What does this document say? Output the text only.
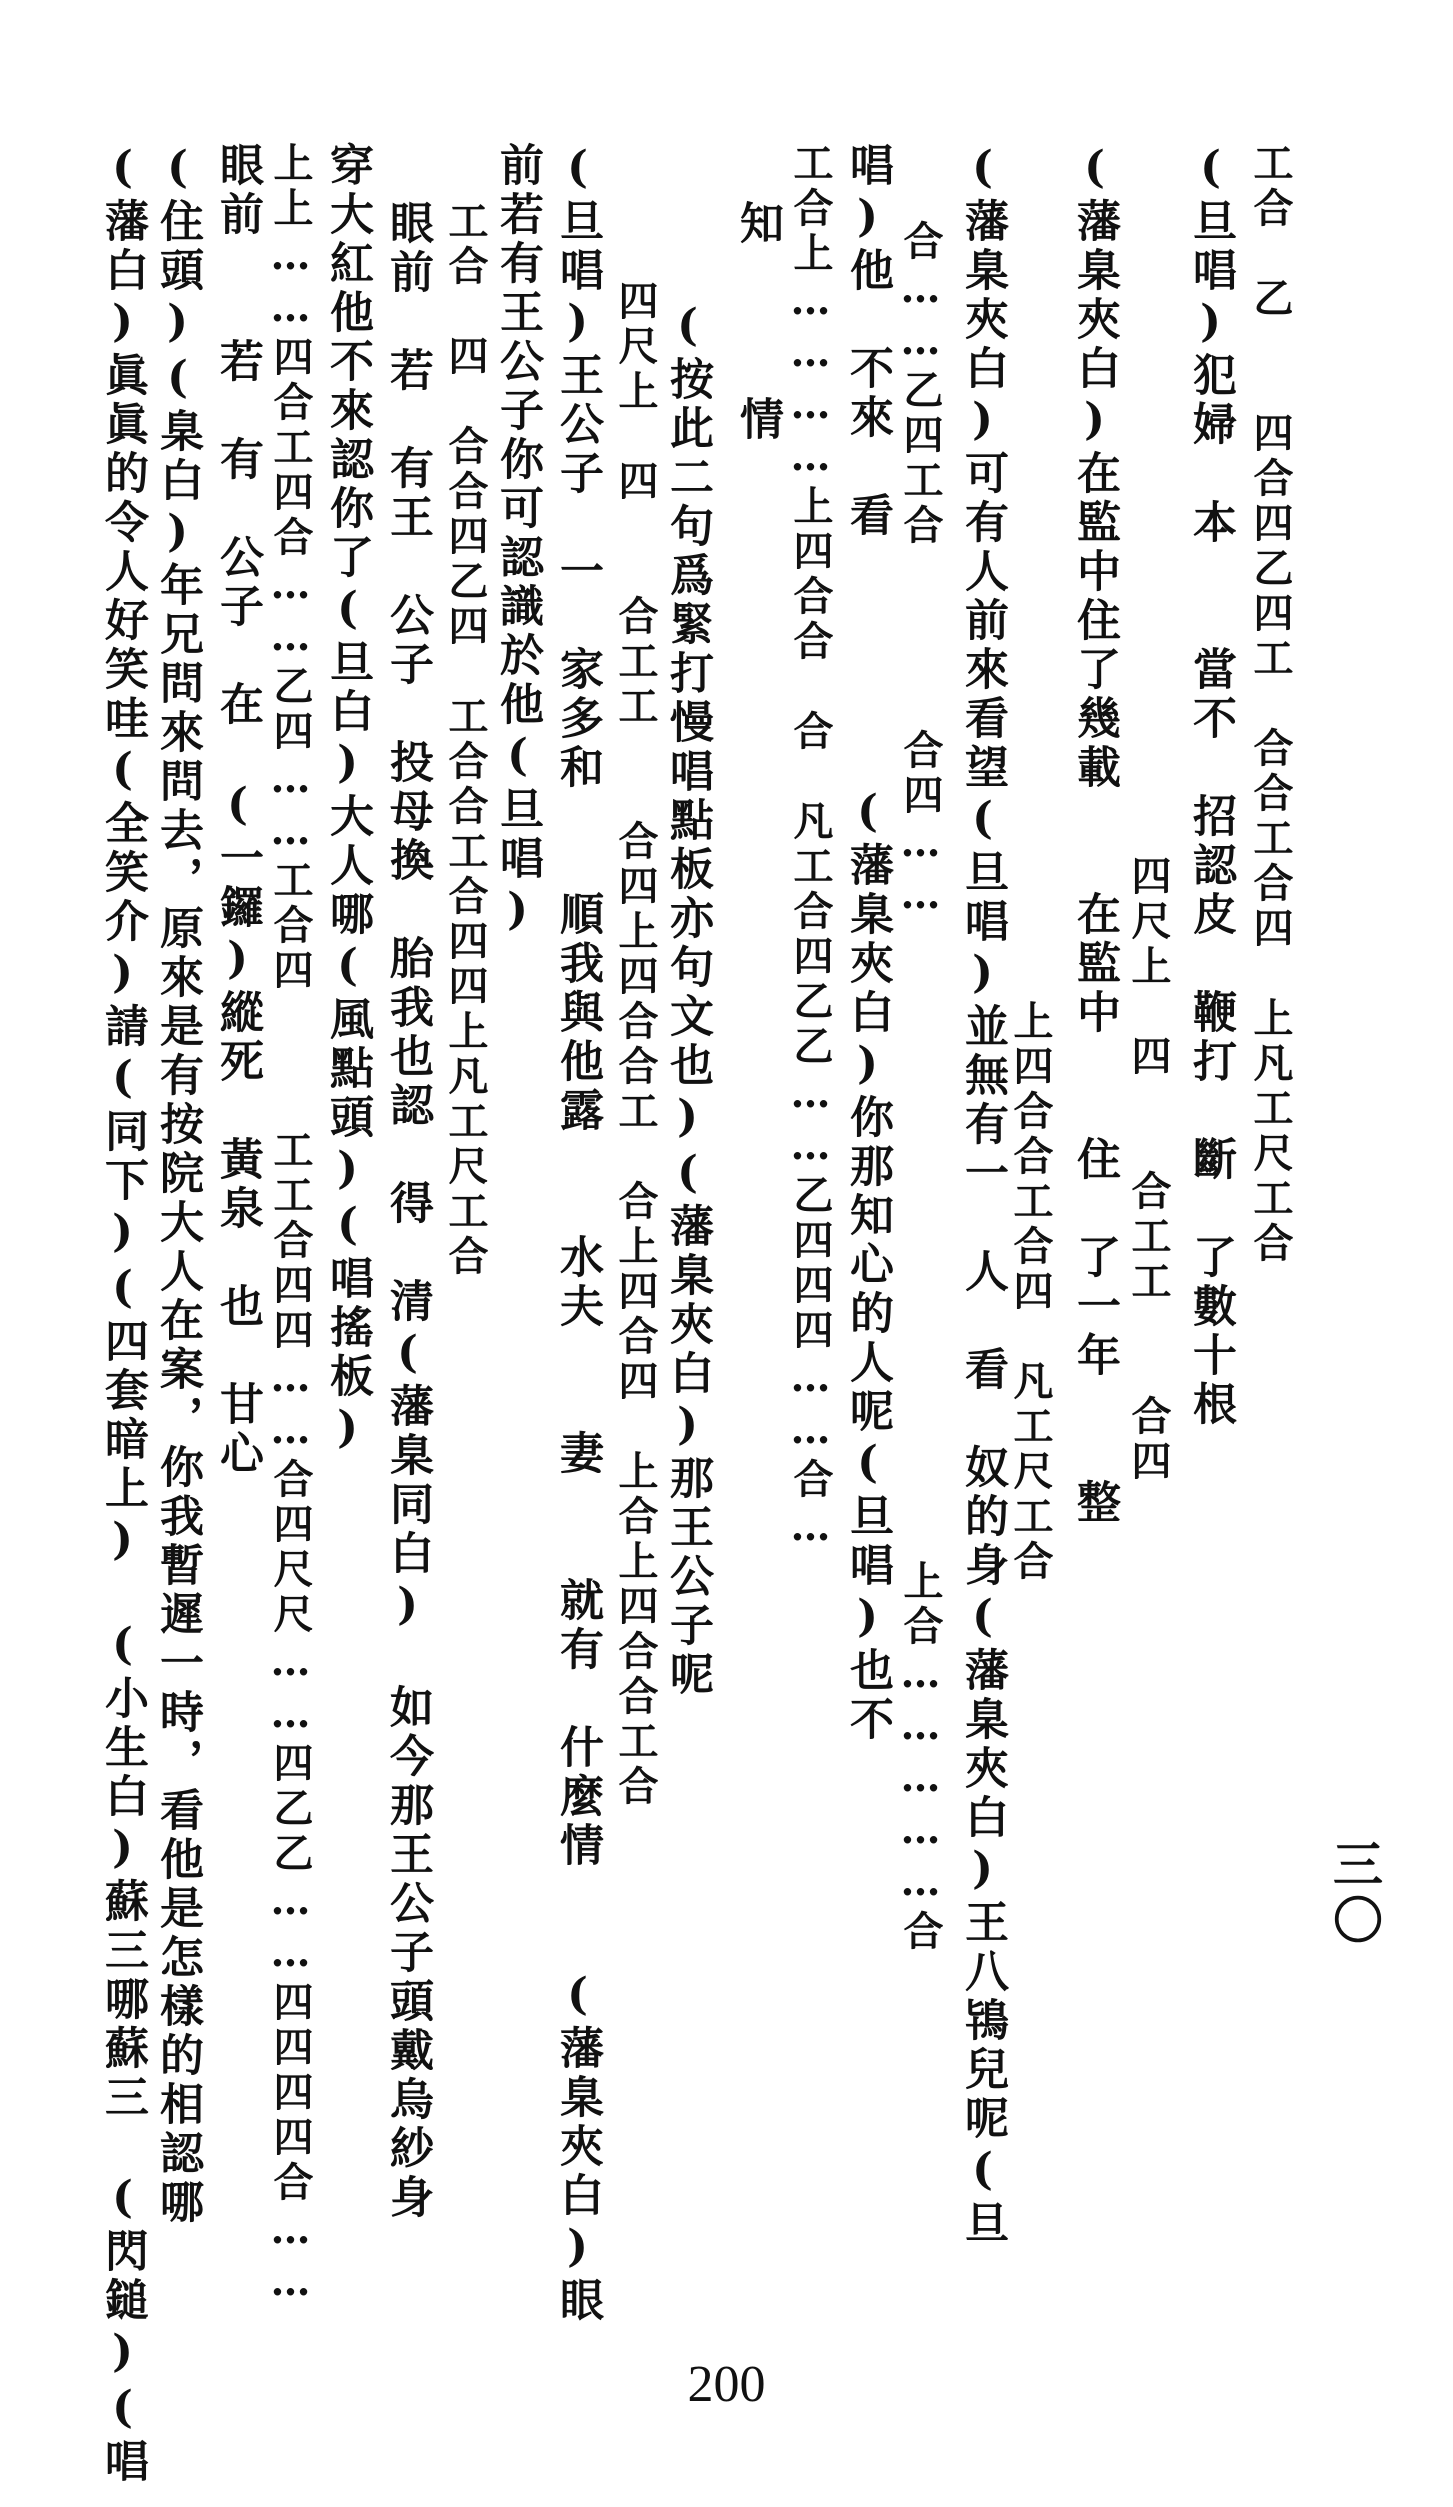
三〇
工合　乙　　四合四乙四工　合合工合四　上凡工尺工合
(旦唱)犯婦　本　　當不　招認皮　鞭打　斷　了數十根
四尺上　四　　合工工　　合四
(藩臬夾白)在監中住了幾載　　在監中　　住　了一年　　整
(藩臬夾白)可有人前來看望(旦唱)並無有一　人　看　奴的身(藩臬夾白)王八鴇兒呢(旦 上四合合工合四　凡工尺工合
合……乙四工合　　　　合四……
唱)他　不來　看　　　　　(藩臬夾白)你那知心的人呢(旦唱)也不
上合……………合
工合上…………上四合合　合　凡工合四乙乙……乙四四四……合…
知　　　情
(按此二句爲緊打慢唱點板亦句文也)(藩臬夾白)那王公子呢
四尺上　四　　合工工　　合四上四合合工　合上四合四　上合上四合合工合
(旦唱)王公子　一　家多和　　順我與他露　　水夫　　妻　　就有　什麼情　　(藩臬夾白)眼
前若有王公子你可認識於他(旦唱)
工合　四　合合四乙四　工合合工合四四上凡工尺工合
眼前　若　有王　公子　投母換　胎我也認　得　清(藩臬同白)　如今那王公子頭戴烏紗身
穿大紅他不來認你了(旦白)大人哪(風點頭)(唱搖板)
上上……四合工四合……乙四……工合四　　　工工合四四……合四尺尺……四乙乙……四四四四合……
眼前　　若　有　公子　在　(一鑼)縱死　黃泉　也　甘心
(住頭)(臬白)年兄問來問去，原來是有按院大人在案，你我暫遲一時，看他是怎樣的相認哪
(藩白)眞眞的令人好笑哇(全笑介)請(同下)(四套暗上)　(小生白)蘇三哪蘇三　(閃鎚)(唱	200
